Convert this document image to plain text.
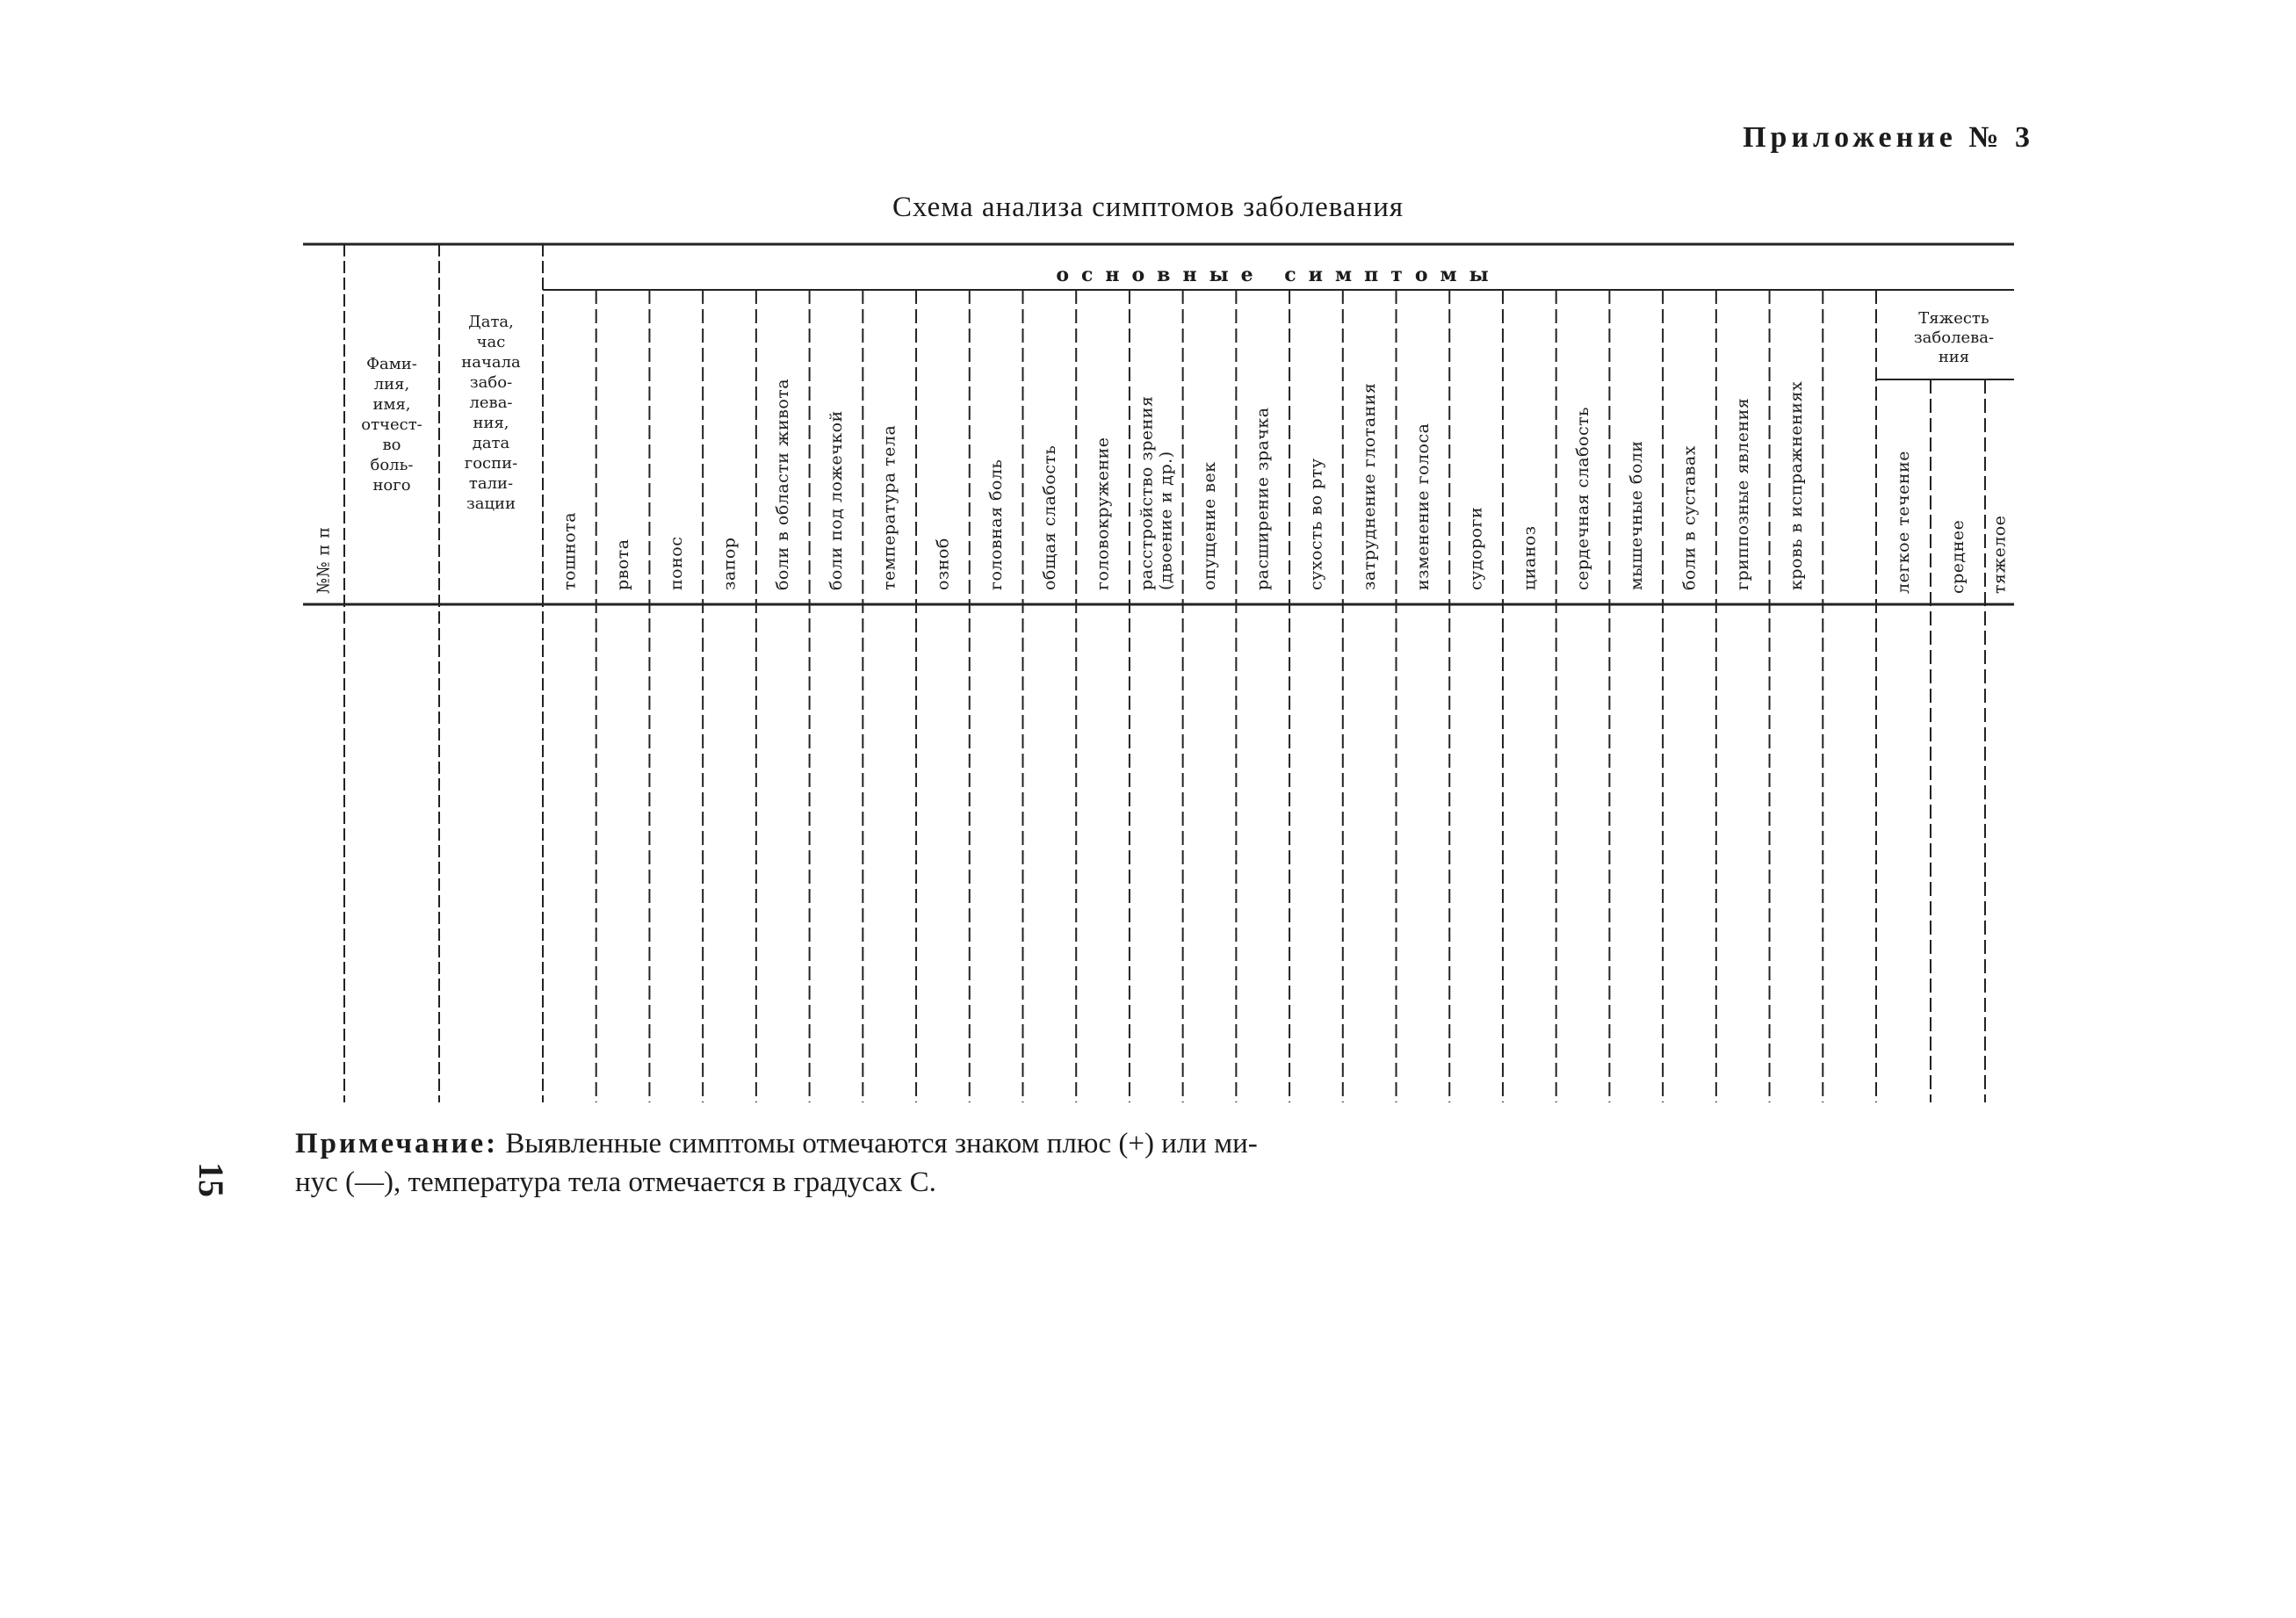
Приложение № 3
Схема анализа симптомов заболевания
основные симптомы
№№ п п
Фами-
лия,
имя,
отчест-
во
боль-
ного
Дата,
час
начала
забо-
лева-
ния,
дата
госпи-
тали-
зации
тошнота рвота понос запор боли в области живота боли под ложечкой температура тела озноб головная боль общая слабость головокружение расстройство зрения (двоение и др.) опущение век расширение зрачка сухость во рту затруднение глотания изменение голоса судороги цианоз сердечная слабость мышечные боли боли в суставах гриппозные явления кровь в испражнениях
Тяжесть
заболева-
ния
легкое течение среднее тяжелое
15
Примечание: Выявленные симптомы отмечаются знаком плюс (+) или ми-
нус (—), температура тела отмечается в градусах С.
